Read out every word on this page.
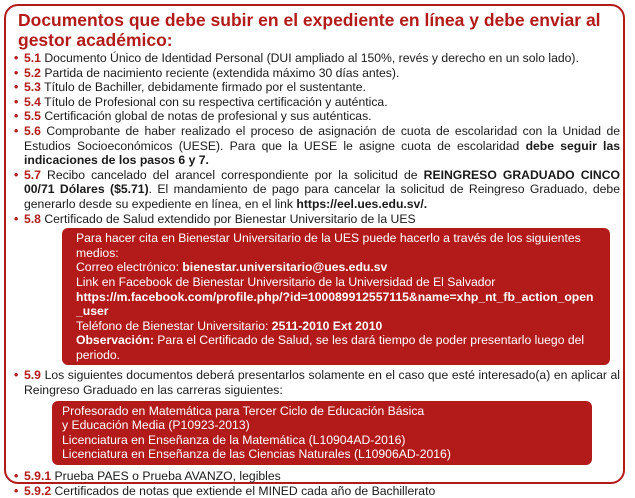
Documentos que debe subir en el expediente en línea y debe enviar al gestor académico:
• 5.1 Documento Único de Identidad Personal (DUI ampliado al 150%, revés y derecho en un solo lado).
• 5.2 Partida de nacimiento reciente (extendida máximo 30 días antes).
• 5.3 Título de Bachiller, debidamente firmado por el sustentante.
• 5.4 Título de Profesional con su respectiva certificación y auténtica.
• 5.5 Certificación global de notas de profesional y sus auténticas.
• 5.6 Comprobante de haber realizado el proceso de asignación de cuota de escolaridad con la Unidad de Estudios Socioeconómicos (UESE). Para que la UESE le asigne cuota de escolaridad debe seguir las indicaciones de los pasos 6 y 7.
• 5.7 Recibo cancelado del arancel correspondiente por la solicitud de REINGRESO GRADUADO CINCO 00/71 Dólares ($5.71). El mandamiento de pago para cancelar la solicitud de Reingreso Graduado, debe generarlo desde su expediente en línea, en el link https://eel.ues.edu.sv/.
• 5.8 Certificado de Salud extendido por Bienestar Universitario de la UES
Para hacer cita en Bienestar Universitario de la UES puede hacerlo a través de los siguientes medios:
Correo electrónico: bienestar.universitario@ues.edu.sv
Link en Facebook de Bienestar Universitario de la Universidad de El Salvador
https://m.facebook.com/profile.php/?id=100089912557115&name=xhp_nt_fb_action_open_user
Teléfono de Bienestar Universitario: 2511-2010 Ext 2010
Observación: Para el Certificado de Salud, se les dará tiempo de poder presentarlo luego del periodo.
• 5.9 Los siguientes documentos deberá presentarlos solamente en el caso que esté interesado(a) en aplicar al Reingreso Graduado en las carreras siguientes:
Profesorado en Matemática para Tercer Ciclo de Educación Básica
y Educación Media (P10923-2013)
Licenciatura en Enseñanza de la Matemática (L10904AD-2016)
Licenciatura en Enseñanza de las Ciencias Naturales (L10906AD-2016)
• 5.9.1 Prueba PAES o Prueba AVANZO, legibles
• 5.9.2 Certificados de notas que extiende el MINED cada año de Bachillerato
